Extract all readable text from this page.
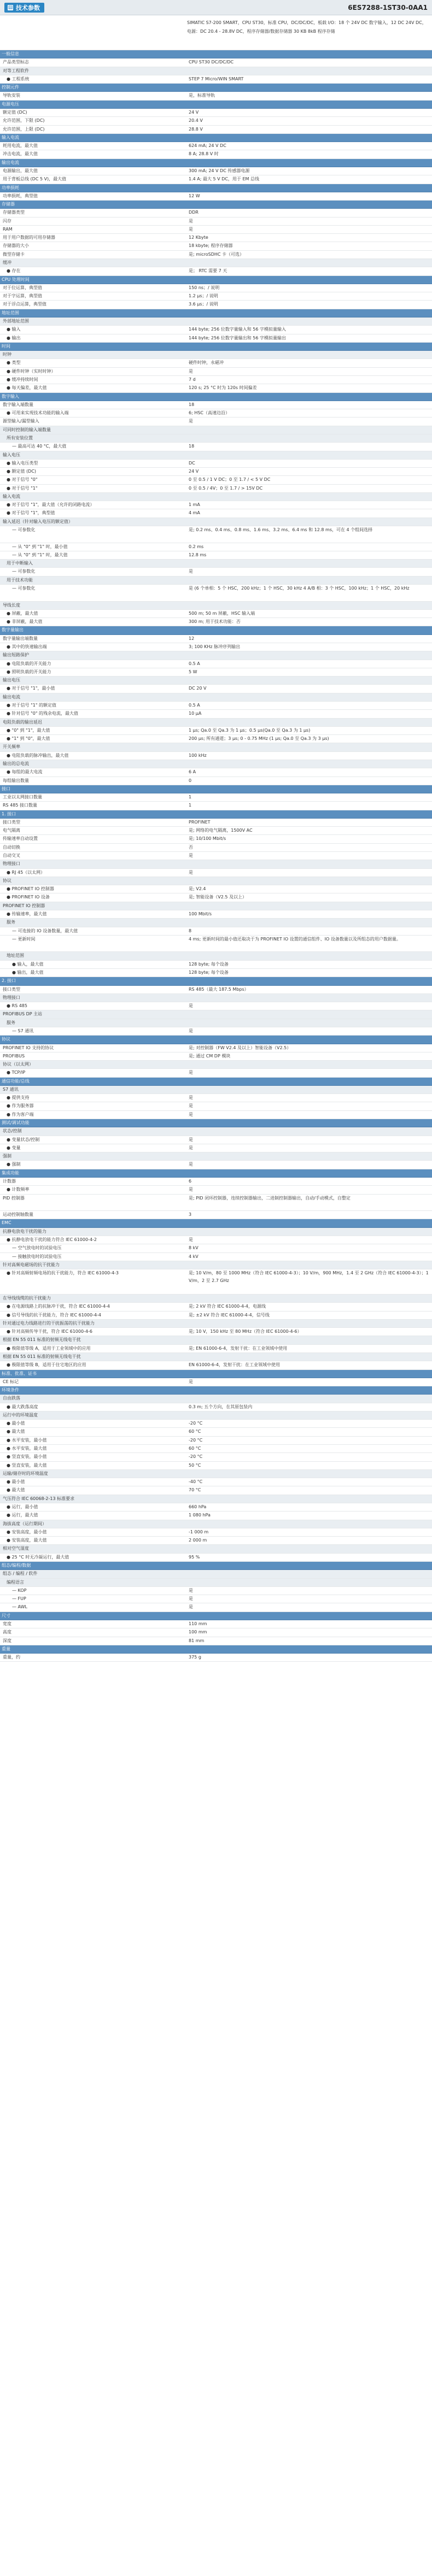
▤ 技术参数	6ES7288-1ST30-0AA1
SIMATIC S7-200 SMART，CPU ST30，标准 CPU，DC/DC/DC，板载 I/O：18 个 24V DC 数字输入，12 DC 24V DC，电源：DC 20.4 - 28.8V DC，程序存储器/数据存储器 30 KB 8kB 程序存储
一般信息
产品类型标志	CPU ST30 DC/DC/DC
对等工程软件
● 工程系统	STEP 7 Micro/WIN SMART
控制元件
导轨安装	是，标准导轨
电源电压
额定值 (DC)	24 V
允许范围，下限 (DC)	20.4 V
允许范围，上限 (DC)	28.8 V
输入电流
耗用电流，最大值	624 mA; 24 V DC
冲击电流，最大值	8 A; 28.8 V 时
输出电流
电源输出，最大值	300 mA; 24 V DC 传感器电源
用于背板总线 (DC 5 V)，最大值	1.4 A; 最大 5 V DC，用于 EM 总线
功率损耗
功率损耗，典型值	12 W
存储器
存储器类型	DDR
闪存	是
RAM	是
用于用户数据的可用存储器	12 Kbyte
存储器的大小	18 kbyte; 程序存储器
微型存储卡	是; microSDHC 卡（可选）
缓冲
● 存在	是； RTC 需要 7 天
CPU 处理时间
对于位运算，典型值	150 ns；/ 说明
对于字运算，典型值	1.2 µs；/ 说明
对于浮点运算，典型值	3.6 µs；/ 说明
地址范围
外部地址范围
● 输入	144 byte; 256 位数字量输入和 56 字模拟量输入
● 输出	144 byte; 256 位数字量输出和 56 字模拟量输出
时间
时钟
● 类型	硬件时钟，永磁冲
● 硬件时钟（实时时钟）	是
● 缓冲持续时间	7 d
● 每天偏差，最大值	120 s; 25 °C 时为 120s 时间偏差
数字输入
数字输入端数量	18
● 可用来实现技术功能的输入端	6; HSC（高速边沿）
源型输入/漏型输入	是
可同时控制的输入端数量
所有安装位置
— 最高可达 40 °C，最大值	18
输入电压
● 输入电压类型	DC
● 额定值 (DC)	24 V
● 对于信号 "0"	0 至 0.5 / 1 V DC；0 至 1.7 / < 5 V DC
● 对于信号 "1"	0 至 0.5 / 4V；0 至 1.7 / > 15V DC
输入电流
● 对于信号 "1"，最大值（允许的闭路电流）	1 mA
● 对于信号 "1"，典型值	4 mA
输入延迟（针对输入电压的额定值）
— 可参数化	是; 0.2 ms、0.4 ms、0.8 ms、1.6 ms、3.2 ms、6.4 ms 和 12.8 ms，可在 4 个组间选择
— 从 "0" 到 "1" 时，最小值	0.2 ms
— 从 "0" 到 "1" 时，最大值	12.8 ms
用于中断输入
— 可参数化	是
用于技术功能
— 可参数化	是 (6 个单相：5 个 HSC，200 kHz；1 个 HSC，30 kHz 4 A/B 相：3 个 HSC，100 kHz；1 个 HSC，20 kHz
导线长度
● 屏蔽，最大值	500 m; 50 m 屏蔽，HSC 输入端
● 非屏蔽，最大值	300 m; 用于技术功能：否
数字量输出
数字量输出端数量	12
● 其中的快速输出端	3; 100 KHz 脉冲序列输出
输出短路保护
● 电阻负载的开关能力	0.5 A
● 照明负载的开关能力	5 W
输出电压
● 对于信号 "1"，最小值	DC 20 V
输出电流
● 对于信号 "1" 的额定值	0.5 A
● 针对信号 "0" 的残余电流，最大值	10 µA
电阻负载的输出延迟
● "0" 到 "1"，最大值	1 µs; Qa.0 至 Qa.3 为 1 µs；0.5 µs(Qa.0 至 Qa.3 为 1 µs)
● "1" 到 "0"，最大值	200 µs; 所有通道；3 µs; 0 - 0.75 MHz (1 µs; Qa.0 至 Qa.3 为 3 µs)
开关频率
● 电阻负载的脉冲输出，最大值	100 kHz
输出的总电流
● 每组的最大电流	6 A
每组输出数量	0
接口
工业以太网接口数量	1
RS 485 接口数量	1
1. 接口
接口类型	PROFINET
电气隔离	是; 网络的电气隔离，1500V AC
传输速率自动设置	是; 10/100 Mbit/s
自动切换	否
自动交叉	是
物理接口
● RJ 45（以太网）	是
协议
● PROFINET IO 控制器	是; V2.4
● PROFINET IO 设备	是; 智能设备（V2.5 及以上）
PROFINET IO 控制器
● 传输速率，最大值	100 Mbit/s
服务
— 可连接的 IO 设备数量，最大值	8
— 更新时间	4 ms; 更新时间的最小值还取决于为 PROFINET IO 设置的通信组件、IO 设备数量以及所组态的用户数据量。
地址范围
● 输入，最大值	128 byte; 每个设备
● 输出，最大值	128 byte; 每个设备
2. 接口
接口类型	RS 485（最大 187.5 Mbps）
物理接口
● RS 485	是
PROFIBUS DP 主站
服务
— S7 通讯	是
协议
PROFINET IO 支持的协议	是; 对控制器（FW V2.4 及以上）智能设备（V2.5）
PROFIBUS	是; 通过 CM DP 模块
协议（以太网）
● TCP/IP	是
通信功能/总线
S7 通讯
● 提供支持	是
● 作为服务器	是
● 作为客户端	是
测试/调试功能
状态/控制
● 变量状态/控制	是
● 变量	是
强制
● 强制	是
集成功能
计数器	6
● 计数频率	是
PID 控制器	是; PID 闭环控制器，连续控制器输出，二进制控制器输出，自动/手动模式，自整定
运动控制轴数量	3
EMC
抗静电放电干扰的能力
● 抗静电放电干扰的能力符合 IEC 61000-4-2	是
— 空气放电时的试验电压	8 kV
— 接触放电时的试验电压	4 kV
针对高频电磁场的抗干扰能力
● 针对高频射频电场的抗干扰能力，符合 IEC 61000-4-3	是; 10 V/m，80 至 1000 MHz（符合 IEC 61000-4-3）；10 V/m，900 MHz，1.4 至 2 GHz（符合 IEC 61000-4-3）；1 V/m，2 至 2.7 GHz
在导线线缆的抗干扰能力
● 在电源线路上的抗脉冲干扰，符合 IEC 61000-4-4	是; 2 kV 符合 IEC 61000-4-4，电源线
● 信号导线的抗干扰能力，符合 IEC 61000-4-4	是; ±2 kV 符合 IEC 61000-4-4，信号线
针对通过电力线路进行的干扰振荡的抗干扰能力
● 针对高频传导干扰，符合 IEC 61000-4-6	是; 10 V，150 kHz 至 80 MHz（符合 IEC 61000-4-6）
根据 EN 55 011 标准的射频无线电干扰
● 极限值等级 A，适用于工业领域中的应用	是; EN 61000-6-4，发射干扰：在工业领域中使用
根据 EN 55 011 标准的射频无线电干扰
● 极限值等级 B，适用于住宅地区的应用	EN 61000-6-4，发射干扰：在工业领域中使用
标准、批准、证书
CE 标记	是
环境条件
自由跌落
● 最大跌落高度	0.3 m; 五个方向，在其原包装内
运行中的环境温度
● 最小值	-20 °C
● 最大值	60 °C
● 水平安装，最小值	-20 °C
● 水平安装，最大值	60 °C
● 竖直安装，最小值	-20 °C
● 竖直安装，最大值	50 °C
运输/储存时的环境温度
● 最小值	-40 °C
● 最大值	70 °C
气压符合 IEC 60068-2-13 标准要求
● 运行，最小值	660 hPa
● 运行，最大值	1 080 hPa
海拔高度（运行期间）
● 安装高度，最小值	-1 000 m
● 安装高度，最大值	2 000 m
相对空气湿度
● 25 °C 时无冷凝运行，最大值	95 %
组态/编程/数据
组态 / 编程 / 软件
编程语言
— KOP	是
— FUP	是
— AWL	是
尺寸
宽度	110 mm
高度	100 mm
深度	81 mm
重量
重量，约	375 g
